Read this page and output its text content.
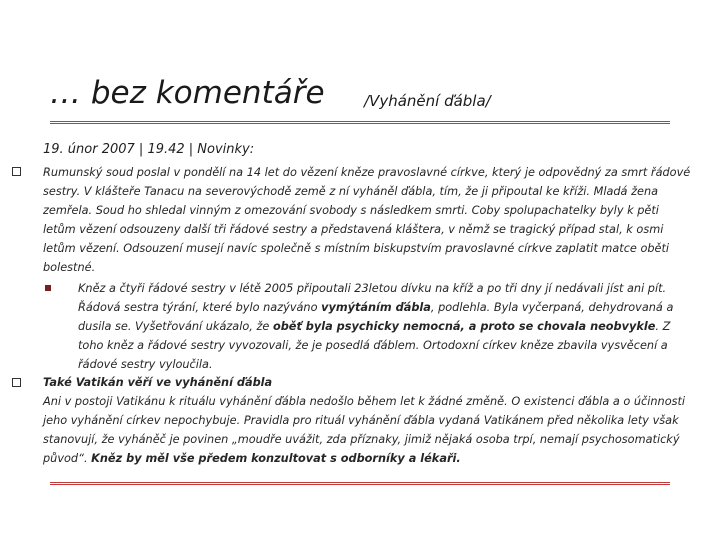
… bez komentáře	/Vyhánění ďábla/
19. únor 2007 | 19.42 | Novinky:
Rumunský soud poslal v pondělí na 14 let do vězení kněze pravoslavné církve, který je odpovědný za smrt řádové sestry. V klášteře Tanacu na severovýchodě země z ní vyháněl ďábla, tím, že ji připoutal ke kříži. Mladá žena zemřela. Soud ho shledal vinným z omezování svobody s následkem smrti. Coby spolupachatelky byly k pěti letům vězení odsouzeny další tři řádové sestry a představená kláštera, v němž se tragický případ stal, k osmi letům vězení. Odsouzení musejí navíc společně s místním biskupstvím pravoslavné církve zaplatit matce oběti bolestné.
Kněz a čtyři řádové sestry v létě 2005 připoutali 23letou dívku na kříž a po tři dny jí nedávali jíst ani pít. Řádová sestra týrání, které bylo nazýváno vymýtáním ďábla, podlehla. Byla vyčerpaná, dehydrovaná a dusila se. Vyšetřování ukázalo, že oběť byla psychicky nemocná, a proto se chovala neobvykle. Z toho kněz a řádové sestry vyvozovali, že je posedlá ďáblem. Ortodoxní církev kněze zbavila vysvěcení a řádové sestry vyloučila.
Také Vatikán věří ve vyhánění ďábla
Ani v postoji Vatikánu k rituálu vyhánění ďábla nedošlo během let k žádné změně. O existenci ďábla a o účinnosti jeho vyhánění církev nepochybuje. Pravidla pro rituál vyhánění ďábla vydaná Vatikánem před několika lety však stanovují, že vyháněč je povinen „moudře uvážit, zda příznaky, jimiž nějaká osoba trpí, nemají psychosomatický původ“. Kněz by měl vše předem konzultovat s odborníky a lékaři.
